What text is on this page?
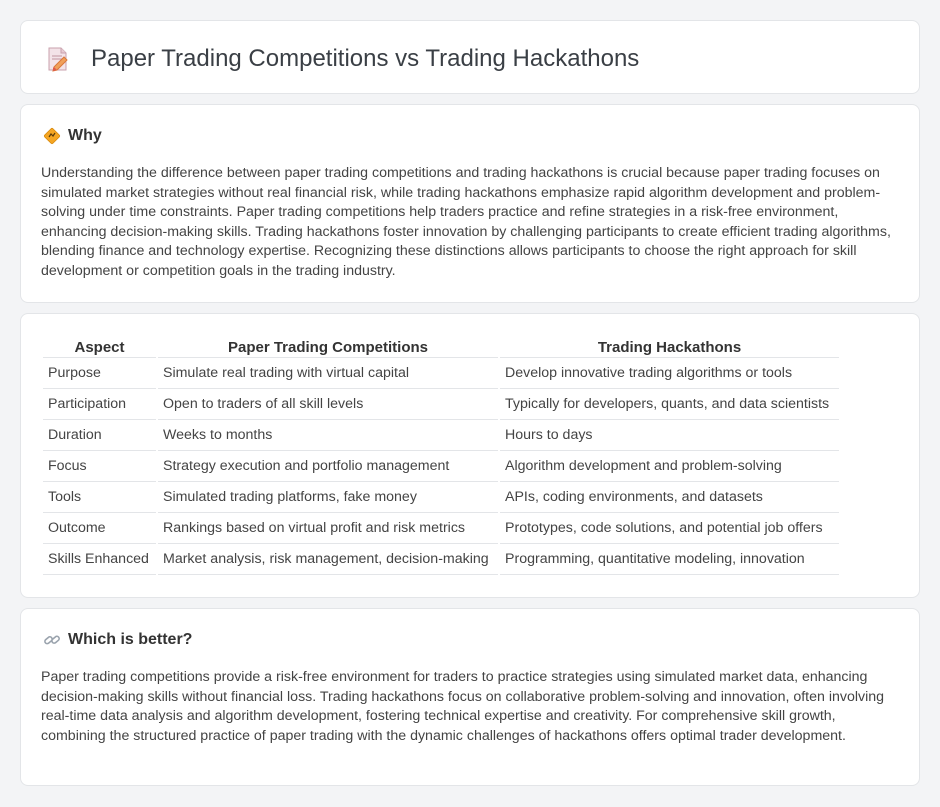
Paper Trading Competitions vs Trading Hackathons
Why

Understanding the difference between paper trading competitions and trading hackathons is crucial because paper trading focuses on simulated market strategies without real financial risk, while trading hackathons emphasize rapid algorithm development and problem-solving under time constraints. Paper trading competitions help traders practice and refine strategies in a risk-free environment, enhancing decision-making skills. Trading hackathons foster innovation by challenging participants to create efficient trading algorithms, blending finance and technology expertise. Recognizing these distinctions allows participants to choose the right approach for skill development or competition goals in the trading industry.

Aspect	Paper Trading Competitions	Trading Hackathons
Purpose	Simulate real trading with virtual capital	Develop innovative trading algorithms or tools
Participation	Open to traders of all skill levels	Typically for developers, quants, and data scientists
Duration	Weeks to months	Hours to days
Focus	Strategy execution and portfolio management	Algorithm development and problem-solving
Tools	Simulated trading platforms, fake money	APIs, coding environments, and datasets
Outcome	Rankings based on virtual profit and risk metrics	Prototypes, code solutions, and potential job offers
Skills Enhanced	Market analysis, risk management, decision-making	Programming, quantitative modeling, innovation
Which is better?

Paper trading competitions provide a risk-free environment for traders to practice strategies using simulated market data, enhancing decision-making skills without financial loss. Trading hackathons focus on collaborative problem-solving and innovation, often involving real-time data analysis and algorithm development, fostering technical expertise and creativity. For comprehensive skill growth, combining the structured practice of paper trading with the dynamic challenges of hackathons offers optimal trader development.
